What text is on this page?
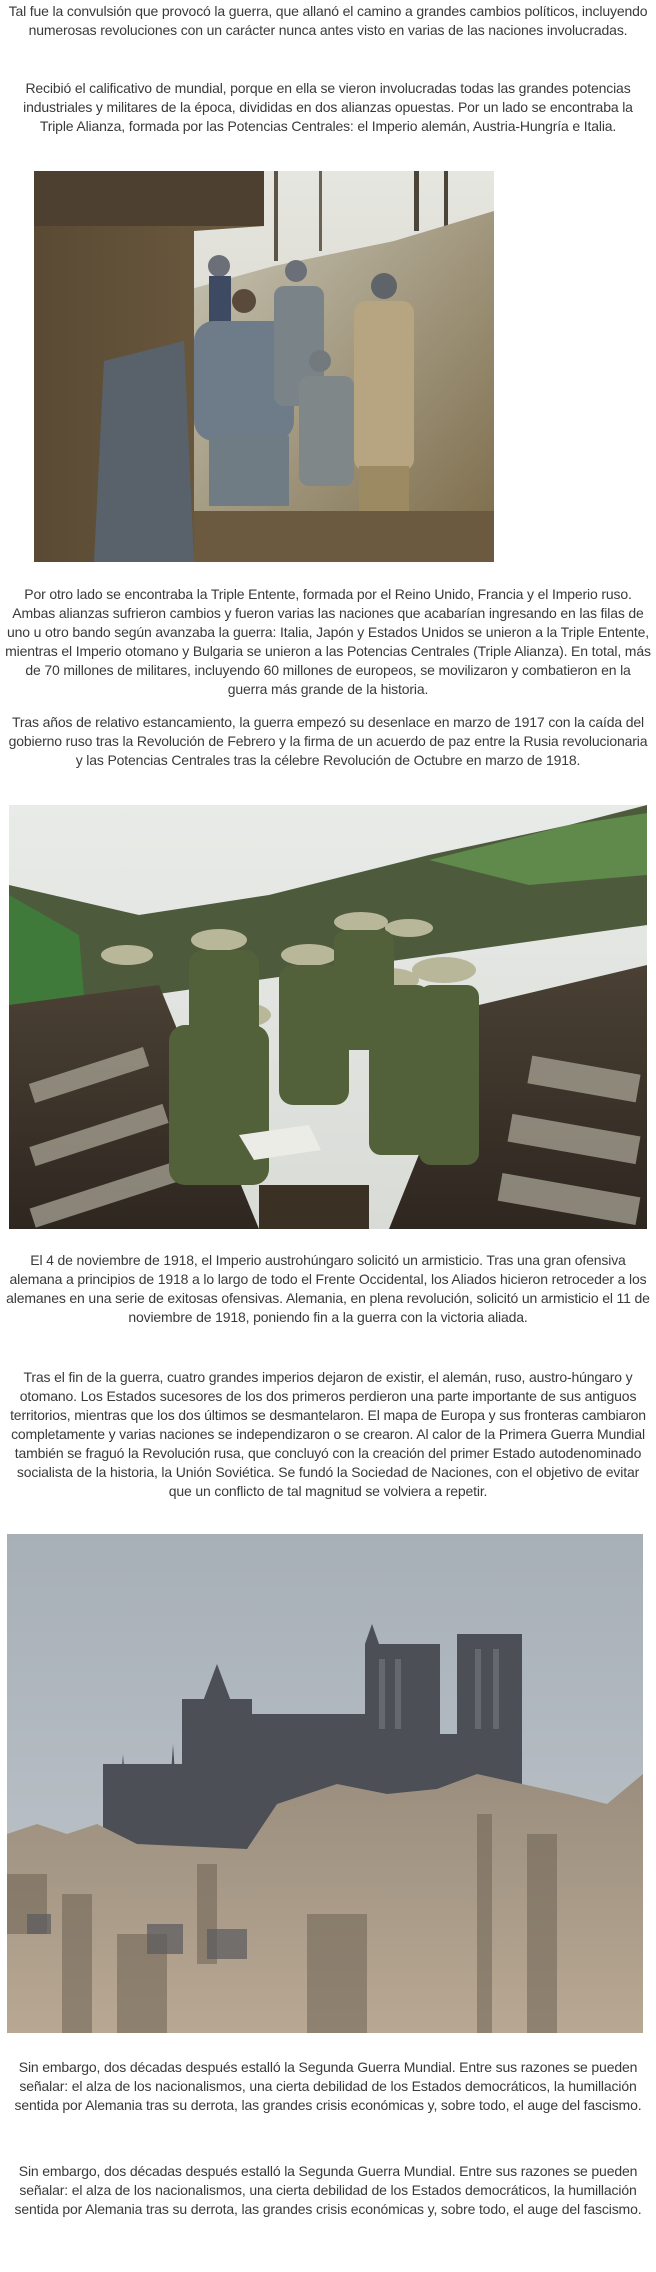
Tal fue la convulsión que provocó la guerra, que allanó el camino a grandes cambios políticos, incluyendo numerosas revoluciones con un carácter nunca antes visto en varias de las naciones involucradas.

Recibió el calificativo de mundial, porque en ella se vieron involucradas todas las grandes potencias industriales y militares de la época, divididas en dos alianzas opuestas. Por un lado se encontraba la Triple Alianza, formada por las Potencias Centrales: el Imperio alemán, Austria-Hungría e Italia.

Por otro lado se encontraba la Triple Entente, formada por el Reino Unido, Francia y el Imperio ruso. Ambas alianzas sufrieron cambios y fueron varias las naciones que acabarían ingresando en las filas de uno u otro bando según avanzaba la guerra: Italia, Japón y Estados Unidos se unieron a la Triple Entente, mientras el Imperio otomano y Bulgaria se unieron a las Potencias Centrales (Triple Alianza). En total, más de 70 millones de militares, incluyendo 60 millones de europeos, se movilizaron y combatieron en la guerra más grande de la historia.

Tras años de relativo estancamiento, la guerra empezó su desenlace en marzo de 1917 con la caída del gobierno ruso tras la Revolución de Febrero y la firma de un acuerdo de paz entre la Rusia revolucionaria y las Potencias Centrales tras la célebre Revolución de Octubre en marzo de 1918.

El 4 de noviembre de 1918, el Imperio austrohúngaro solicitó un armisticio. Tras una gran ofensiva alemana a principios de 1918 a lo largo de todo el Frente Occidental, los Aliados hicieron retroceder a los alemanes en una serie de exitosas ofensivas. Alemania, en plena revolución, solicitó un armisticio el 11 de noviembre de 1918, poniendo fin a la guerra con la victoria aliada.

Tras el fin de la guerra, cuatro grandes imperios dejaron de existir, el alemán, ruso, austro-húngaro y otomano. Los Estados sucesores de los dos primeros perdieron una parte importante de sus antiguos territorios, mientras que los dos últimos se desmantelaron. El mapa de Europa y sus fronteras cambiaron completamente y varias naciones se independizaron o se crearon. Al calor de la Primera Guerra Mundial también se fraguó la Revolución rusa, que concluyó con la creación del primer Estado autodenominado socialista de la historia, la Unión Soviética. Se fundó la Sociedad de Naciones, con el objetivo de evitar que un conflicto de tal magnitud se volviera a repetir.

Sin embargo, dos décadas después estalló la Segunda Guerra Mundial. Entre sus razones se pueden señalar: el alza de los nacionalismos, una cierta debilidad de los Estados democráticos, la humillación sentida por Alemania tras su derrota, las grandes crisis económicas y, sobre todo, el auge del fascismo.

Sin embargo, dos décadas después estalló la Segunda Guerra Mundial. Entre sus razones se pueden señalar: el alza de los nacionalismos, una cierta debilidad de los Estados democráticos, la humillación sentida por Alemania tras su derrota, las grandes crisis económicas y, sobre todo, el auge del fascismo.
